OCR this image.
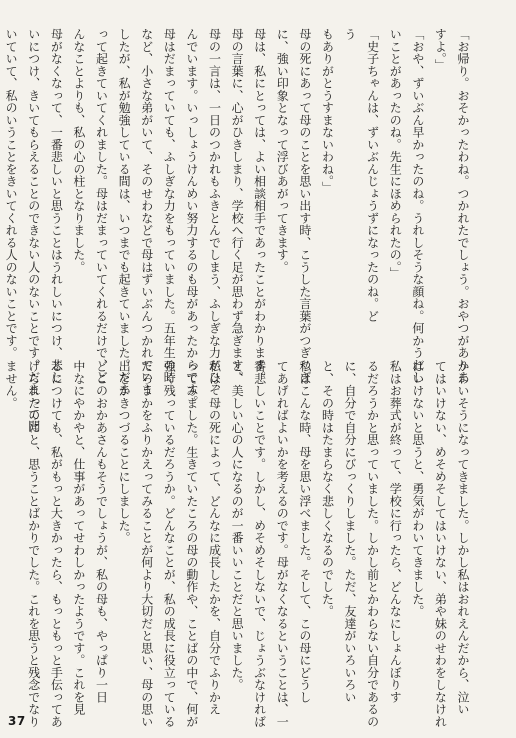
「お帰り。おそかったわね。つかれたでしょう。おやつがありま
すよ。」
「おや、ずいぶん早かったのね。うれしそうな顔ね。何かうれし
いことがあったのね。先生にほめられたの。」
「史子ちゃんは、ずいぶんじょうずになったのね。ど
う
もありがとうすまないわね。」
母の死にあって母のことを思い出す時、こうした言葉がつぎつぎ
に、強い印象となって浮びあがってきます。
母は、私にとっては、よい相談相手であったことがわかります。
母の言葉に、心がひきしまり、学校へ行く足が思わず急ぎます。
母の一言は、一日のつかれもふきとんでしまう、ふしぎな力がひそ
んでいます。いっしょうけんめい努力するのも母があったからです。
母はだまっていても、ふしぎな力をもっていました。五年生の時
など、小さな弟がいて、そのせわなどで母はずいぶんつかれていま
したが、私が勉強している間は、いつまでも起きていました。だま
って起きていてくれました。母はだまっていてくれるだけで、ど
んなことよりも、私の心の柱となりました。
母がなくなって、一番悲しいと思うことはうれしいにつけ、悲し
いにつけ、きいてもらえることのできない人のないことです。だまって聞
いていて、私のいうことをきいてくれる人のないことです。
かわいそうになってきました。しかし私はおれえんだから、泣い
てはいけない、めそめそしてはいけない、弟や妹のせわをしなけれ
ばいけないと思うと、勇気がわいてきました。
私はお葬式が終って、学校に行ったら、どんなにしょんぼりす
るだろうかと思っていました。しかし前とかわらない自分であるの
に、自分で自分にびっくりしました。ただ、友達がいろいろい
と、その時はたまらなく悲しくなるのでした。
私はこんな時、母を思い浮べました。そして、この母にどうし
てあげればよいかを考えるのです。母がなくなるということは、一
番悲しいことです。しかし、めそめそしないで、じょうぶなければ
と、美しい心の人になるのが一番いいことだと思いました。
私は、母の死によって、どんなに成長したかを、自分でふりかえ
ってみました。生きていたころの母の動作や、ことばの中で、何が
強く残っているだろうか。どんなことが、私の成長に役立っている
だろうかをふりかえってみることが何より大切だと思い、母の思い
出をかきつづることにしました。
どこのおかあさんもそうでしょうが、私の母も、やっぱり一日
中なにやかやと、仕事があってせわしかったようです。これを見
るにつけても、私がもっと大きかったら、もっともっと手伝ってあ
げられたのにと、思うことばかりでした。これを思うと残念でなり
ません。
37
